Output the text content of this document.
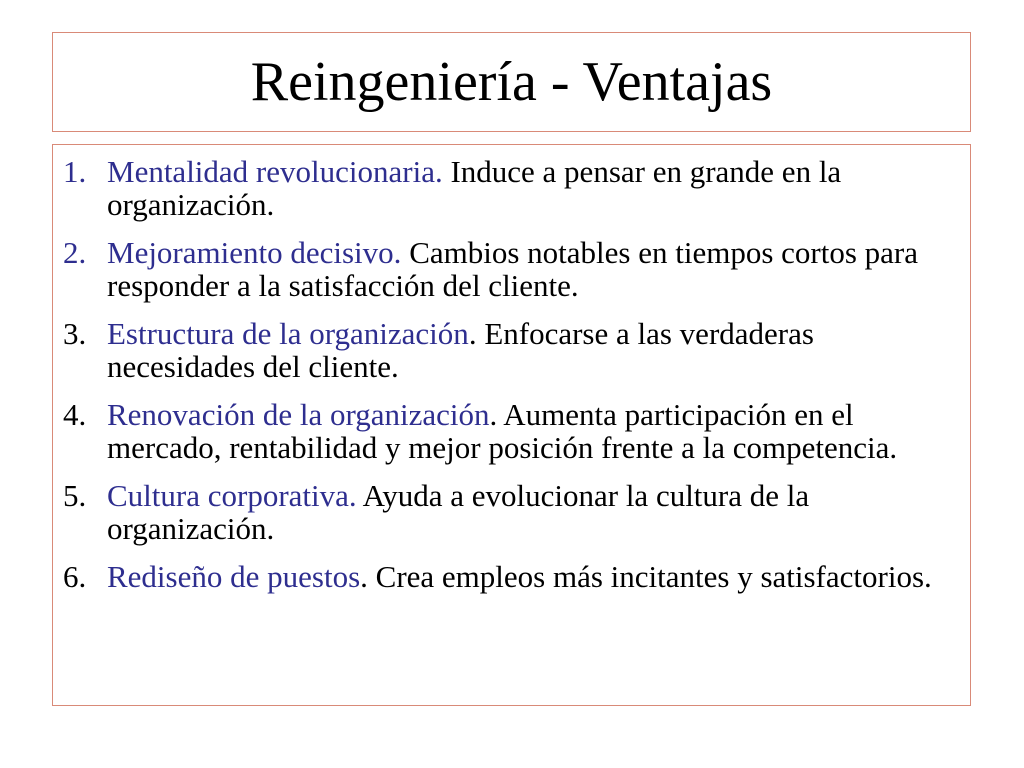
Reingeniería - Ventajas
1. Mentalidad revolucionaria. Induce a pensar en grande en la organización.
2. Mejoramiento decisivo. Cambios notables en tiempos cortos para responder a la satisfacción del cliente.
3. Estructura de la organización. Enfocarse a las verdaderas necesidades del cliente.
4. Renovación de la organización. Aumenta participación en el mercado, rentabilidad y mejor posición frente a la competencia.
5. Cultura corporativa. Ayuda a evolucionar la cultura de la organización.
6. Rediseño de puestos. Crea empleos más incitantes y satisfactorios.
